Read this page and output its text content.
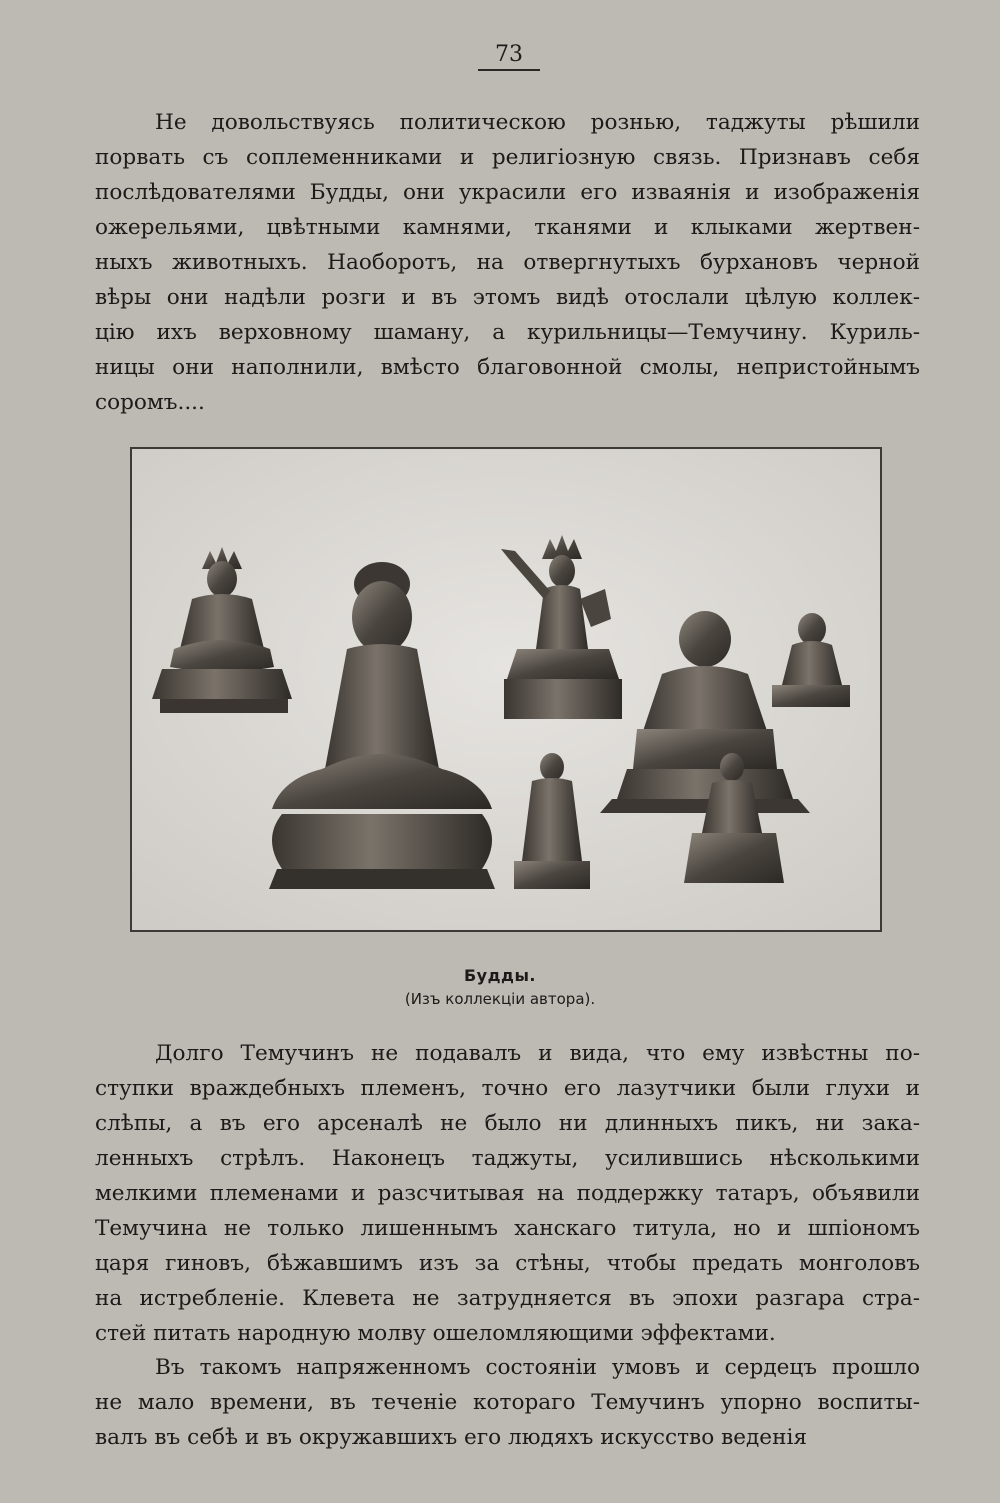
73
Не довольствуясь политическою рознью, таджуты рѣшили
порвать съ соплеменниками и религiозную связь. Признавъ себя
послѣдователями Будды, они украсили его изваянiя и изображенiя
ожерельями, цвѣтными камнями, тканями и клыками жертвен-
ныхъ животныхъ. Наоборотъ, на отвергнутыхъ бурхановъ черной
вѣры они надѣли розги и въ этомъ видѣ отослали цѣлую коллек-
цiю ихъ верховному шаману, а курильницы—Темучину. Куриль-
ницы они наполнили, вмѣсто благовонной смолы, непристойнымъ
соромъ....
Будды.
(Изъ коллекцiи автора).
Долго Темучинъ не подавалъ и вида, что ему извѣстны по-
ступки враждебныхъ племенъ, точно его лазутчики были глухи и
слѣпы, а въ его арсеналѣ не было ни длинныхъ пикъ, ни зака-
ленныхъ стрѣлъ. Наконецъ таджуты, усилившись нѣсколькими
мелкими племенами и разсчитывая на поддержку татаръ, объявили
Темучина не только лишеннымъ ханскаго титула, но и шпiономъ
царя гиновъ, бѣжавшимъ изъ за стѣны, чтобы предать монголовъ
на истребленiе. Клевета не затрудняется въ эпохи разгара стра-
стей питать народную молву ошеломляющими эффектами.
Въ такомъ напряженномъ состоянiи умовъ и сердецъ прошло
не мало времени, въ теченiе котораго Темучинъ упорно воспиты-
валъ въ себѣ и въ окружавшихъ его людяхъ искусство веденiя
